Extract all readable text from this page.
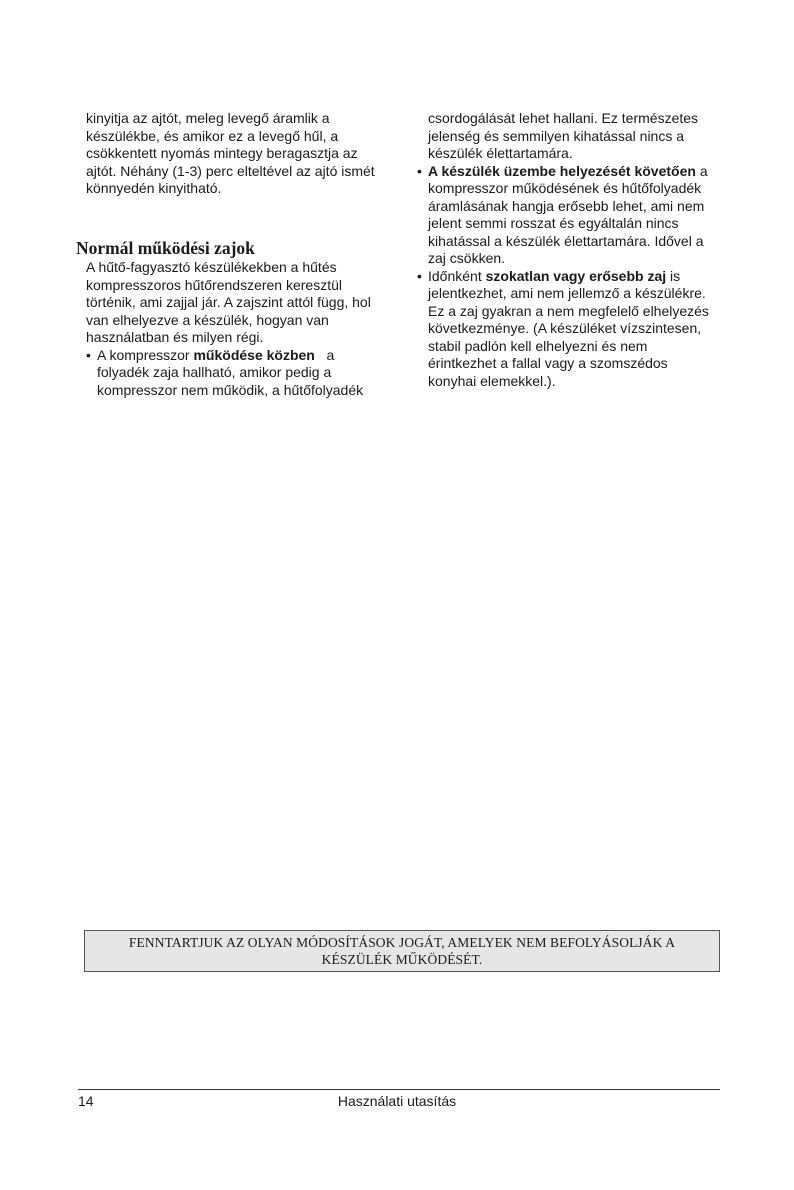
kinyitja az ajtót, meleg levegő áramlik a készülékbe, és amikor ez a levegő hűl, a csökkentett nyomás mintegy beragasztja az ajtót. Néhány (1-3) perc elteltével az ajtó ismét könnyedén kinyitható.

Normál működési zajok

A hűtő-fagyasztó készülékekben a hűtés kompresszoros hűtőrendszeren keresztül történik, ami zajjal jár. A zajszint attól függ, hol van elhelyezve a készülék, hogyan van használatban és milyen régi.

• A kompresszor működése közben   a folyadék zaja hallható, amikor pedig a kompresszor nem működik, a hűtőfolyadék

csordogálását lehet hallani. Ez természetes jelenség és semmilyen kihatással nincs a készülék élettartamára.

• A készülék üzembe helyezését követően a kompresszor működésének és hűtőfolyadék áramlásának hangja erősebb lehet, ami nem jelent semmi rosszat és egyáltalán nincs kihatással a készülék élettartamára. Idővel a zaj csökken.
• Időnként szokatlan vagy erősebb zaj is jelentkezhet, ami nem jellemző a készülékre. Ez a zaj gyakran a nem megfelelő elhelyezés következménye. (A készüléket vízszintesen, stabil padlón kell elhelyezni és nem érintkezhet a fallal vagy a szomszédos konyhai elemekkel.).

FENNTARTJUK AZ OLYAN MÓDOSÍTÁSOK JOGÁT, AMELYEK NEM BEFOLYÁSOLJÁK A KÉSZÜLÉK MŰKÖDÉSÉT.

14	Használati utasítás
